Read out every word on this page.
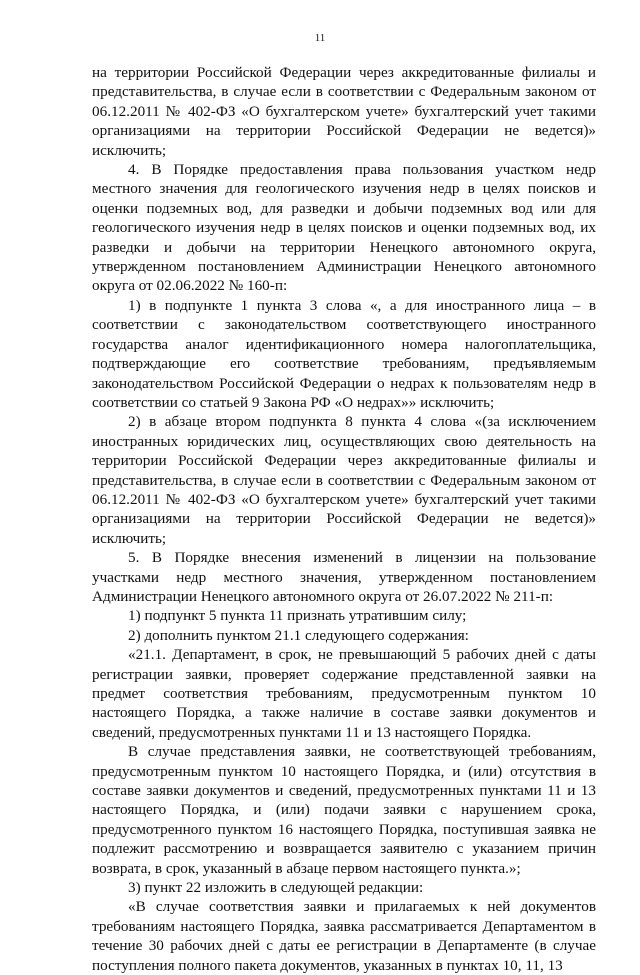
11

на территории Российской Федерации через аккредитованные филиалы и представительства, в случае если в соответствии с Федеральным законом от 06.12.2011 № 402-ФЗ «О бухгалтерском учете» бухгалтерский учет такими организациями на территории Российской Федерации не ведется)» исключить;

4. В Порядке предоставления права пользования участком недр местного значения для геологического изучения недр в целях поисков и оценки подземных вод, для разведки и добычи подземных вод или для геологического изучения недр в целях поисков и оценки подземных вод, их разведки и добычи на территории Ненецкого автономного округа, утвержденном постановлением Администрации Ненецкого автономного округа от 02.06.2022 № 160-п:

1) в подпункте 1 пункта 3 слова «, а для иностранного лица – в соответствии с законодательством соответствующего иностранного государства аналог идентификационного номера налогоплательщика, подтверждающие его соответствие требованиям, предъявляемым законодательством Российской Федерации о недрах к пользователям недр в соответствии со статьей 9 Закона РФ «О недрах»» исключить;

2) в абзаце втором подпункта 8 пункта 4 слова «(за исключением иностранных юридических лиц, осуществляющих свою деятельность на территории Российской Федерации через аккредитованные филиалы и представительства, в случае если в соответствии с Федеральным законом от 06.12.2011 № 402-ФЗ «О бухгалтерском учете» бухгалтерский учет такими организациями на территории Российской Федерации не ведется)» исключить;

5. В Порядке внесения изменений в лицензии на пользование участками недр местного значения, утвержденном постановлением Администрации Ненецкого автономного округа от 26.07.2022 № 211-п:

1) подпункт 5 пункта 11 признать утратившим силу;

2) дополнить пунктом 21.1 следующего содержания:

«21.1. Департамент, в срок, не превышающий 5 рабочих дней с даты регистрации заявки, проверяет содержание представленной заявки на предмет соответствия требованиям, предусмотренным пунктом 10 настоящего Порядка, а также наличие в составе заявки документов и сведений, предусмотренных пунктами 11 и 13 настоящего Порядка.

В случае представления заявки, не соответствующей требованиям, предусмотренным пунктом 10 настоящего Порядка, и (или) отсутствия в составе заявки документов и сведений, предусмотренных пунктами 11 и 13 настоящего Порядка, и (или) подачи заявки с нарушением срока, предусмотренного пунктом 16 настоящего Порядка, поступившая заявка не подлежит рассмотрению и возвращается заявителю с указанием причин возврата, в срок, указанный в абзаце первом настоящего пункта.»;

3) пункт 22 изложить в следующей редакции:

«В случае соответствия заявки и прилагаемых к ней документов требованиям настоящего Порядка, заявка рассматривается Департаментом в течение 30 рабочих дней с даты ее регистрации в Департаменте (в случае поступления полного пакета документов, указанных в пунктах 10, 11, 13
